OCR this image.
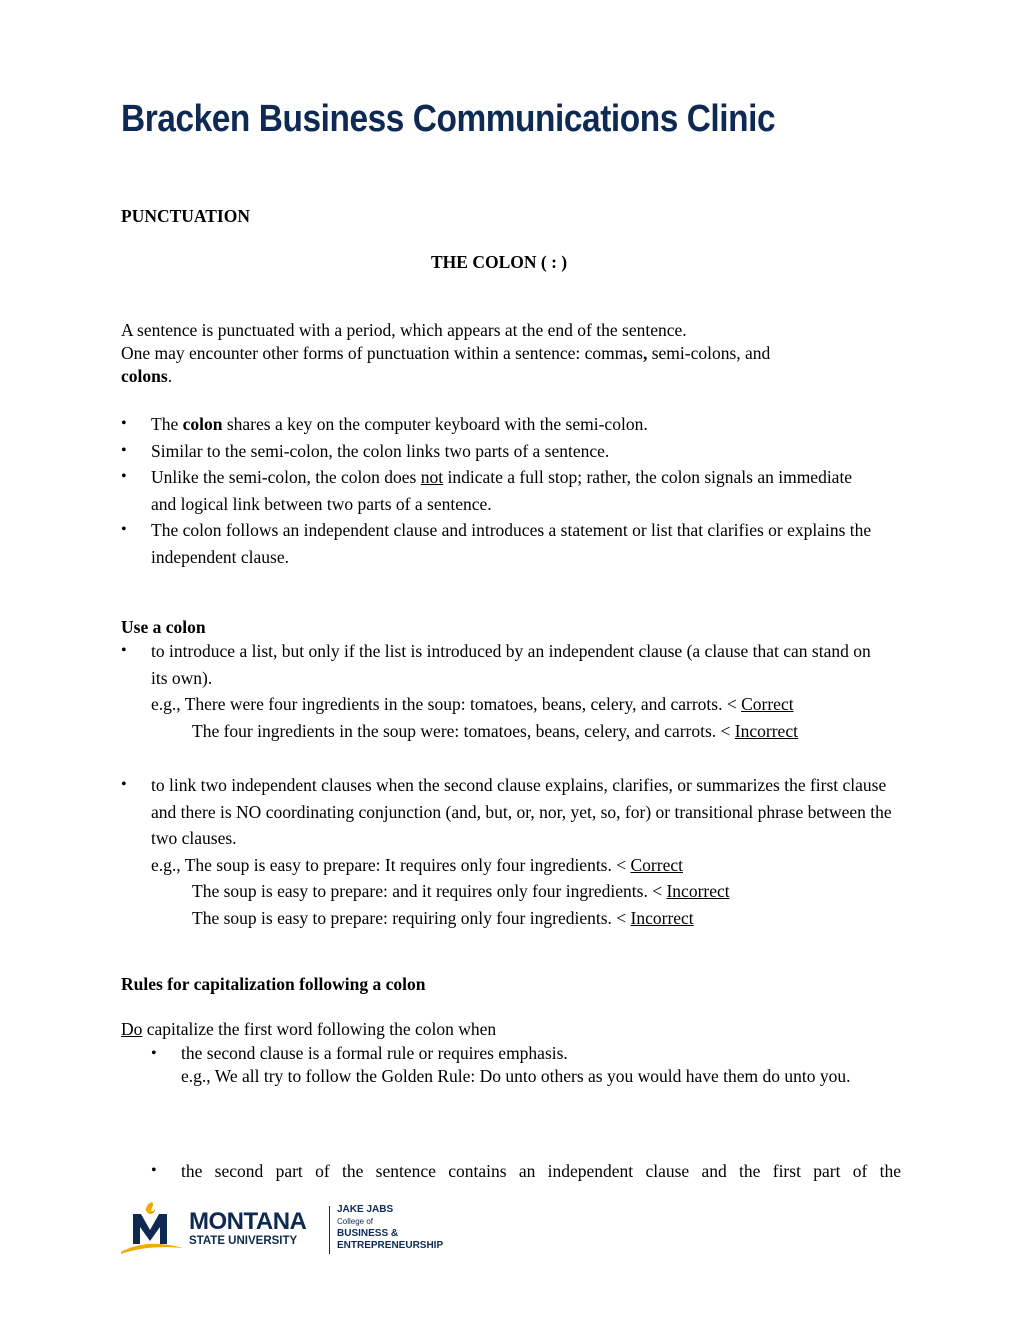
Bracken Business Communications Clinic
PUNCTUATION
THE COLON ( : )
A sentence is punctuated with a period, which appears at the end of the sentence.
One may encounter other forms of punctuation within a sentence: commas, semi-colons, and
colons.
• The colon shares a key on the computer keyboard with the semi-colon.
• Similar to the semi-colon, the colon links two parts of a sentence.
• Unlike the semi-colon, the colon does not indicate a full stop; rather, the colon signals an immediate and logical link between two parts of a sentence.
• The colon follows an independent clause and introduces a statement or list that clarifies or explains the independent clause.
Use a colon
• to introduce a list, but only if the list is introduced by an independent clause (a clause that can stand on its own).
e.g., There were four ingredients in the soup: tomatoes, beans, celery, and carrots. < Correct
The four ingredients in the soup were: tomatoes, beans, celery, and carrots. < Incorrect
• to link two independent clauses when the second clause explains, clarifies, or summarizes the first clause and there is NO coordinating conjunction (and, but, or, nor, yet, so, for) or transitional phrase between the two clauses.
e.g., The soup is easy to prepare: It requires only four ingredients. < Correct
The soup is easy to prepare: and it requires only four ingredients. < Incorrect
The soup is easy to prepare: requiring only four ingredients. < Incorrect
Rules for capitalization following a colon
Do capitalize the first word following the colon when
• the second clause is a formal rule or requires emphasis.
e.g., We all try to follow the Golden Rule: Do unto others as you would have them do unto you.
• the second part of the sentence contains an independent clause and the first part of the
MONTANA
STATE UNIVERSITY
JAKE JABS
College of
BUSINESS &
ENTREPRENEURSHIP
